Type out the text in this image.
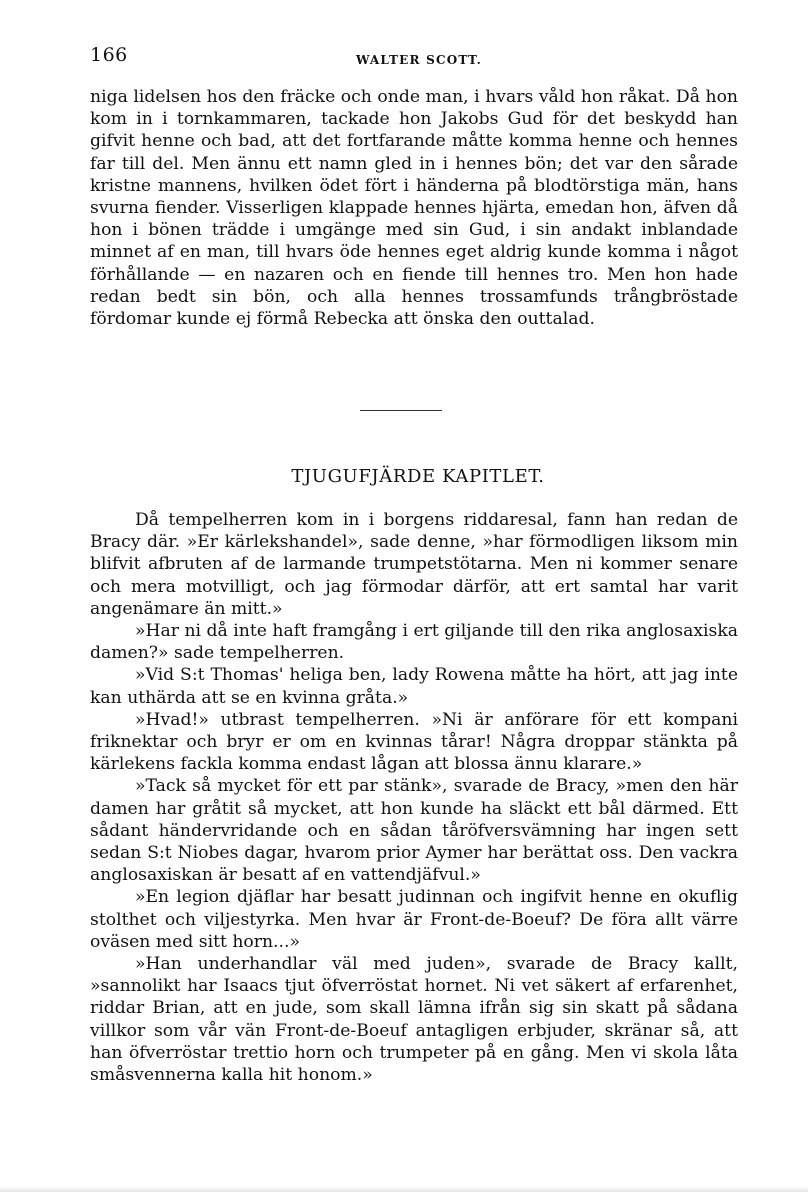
166	WALTER SCOTT.

niga lidelsen hos den fräcke och onde man, i hvars våld hon råkat. Då hon kom in i tornkammaren, tackade hon Jakobs Gud för det beskydd han gifvit henne och bad, att det fortfarande måtte komma henne och hennes far till del. Men ännu ett namn gled in i hennes bön; det var den sårade kristne mannens, hvilken ödet fört i händerna på blodtörstiga män, hans svurna fiender. Visserligen klappade hennes hjärta, emedan hon, äfven då hon i bönen trädde i umgänge med sin Gud, i sin andakt inblandade minnet af en man, till hvars öde hennes eget aldrig kunde komma i något förhållande — en nazaren och en fiende till hennes tro. Men hon hade redan bedt sin bön, och alla hennes trossamfunds trångbröstade fördomar kunde ej förmå Rebecka att önska den outtalad.

TJUGUFJÄRDE KAPITLET.

Då tempelherren kom in i borgens riddaresal, fann han redan de Bracy där. »Er kärlekshandel», sade denne, »har förmodligen liksom min blifvit afbruten af de larmande trumpetstötarna. Men ni kommer senare och mera motvilligt, och jag förmodar därför, att ert samtal har varit angenämare än mitt.»

»Har ni då inte haft framgång i ert giljande till den rika anglosaxiska damen?» sade tempelherren.

»Vid S:t Thomas' heliga ben, lady Rowena måtte ha hört, att jag inte kan uthärda att se en kvinna gråta.»

»Hvad!» utbrast tempelherren. »Ni är anförare för ett kompani friknektar och bryr er om en kvinnas tårar! Några droppar stänkta på kärlekens fackla komma endast lågan att blossa ännu klarare.»

»Tack så mycket för ett par stänk», svarade de Bracy, »men den här damen har gråtit så mycket, att hon kunde ha släckt ett bål därmed. Ett sådant händervridande och en sådan tåröfversvämning har ingen sett sedan S:t Niobes dagar, hvarom prior Aymer har berättat oss. Den vackra anglosaxiskan är besatt af en vattendjäfvul.»

»En legion djäflar har besatt judinnan och ingifvit henne en okuflig stolthet och viljestyrka. Men hvar är Front-de-Boeuf? De föra allt värre oväsen med sitt horn...»

»Han underhandlar väl med juden», svarade de Bracy kallt, »sannolikt har Isaacs tjut öfverröstat hornet. Ni vet säkert af erfarenhet, riddar Brian, att en jude, som skall lämna ifrån sig sin skatt på sådana villkor som vår vän Front-de-Boeuf antagligen erbjuder, skränar så, att han öfverröstar trettio horn och trumpeter på en gång. Men vi skola låta småsvennerna kalla hit honom.»
